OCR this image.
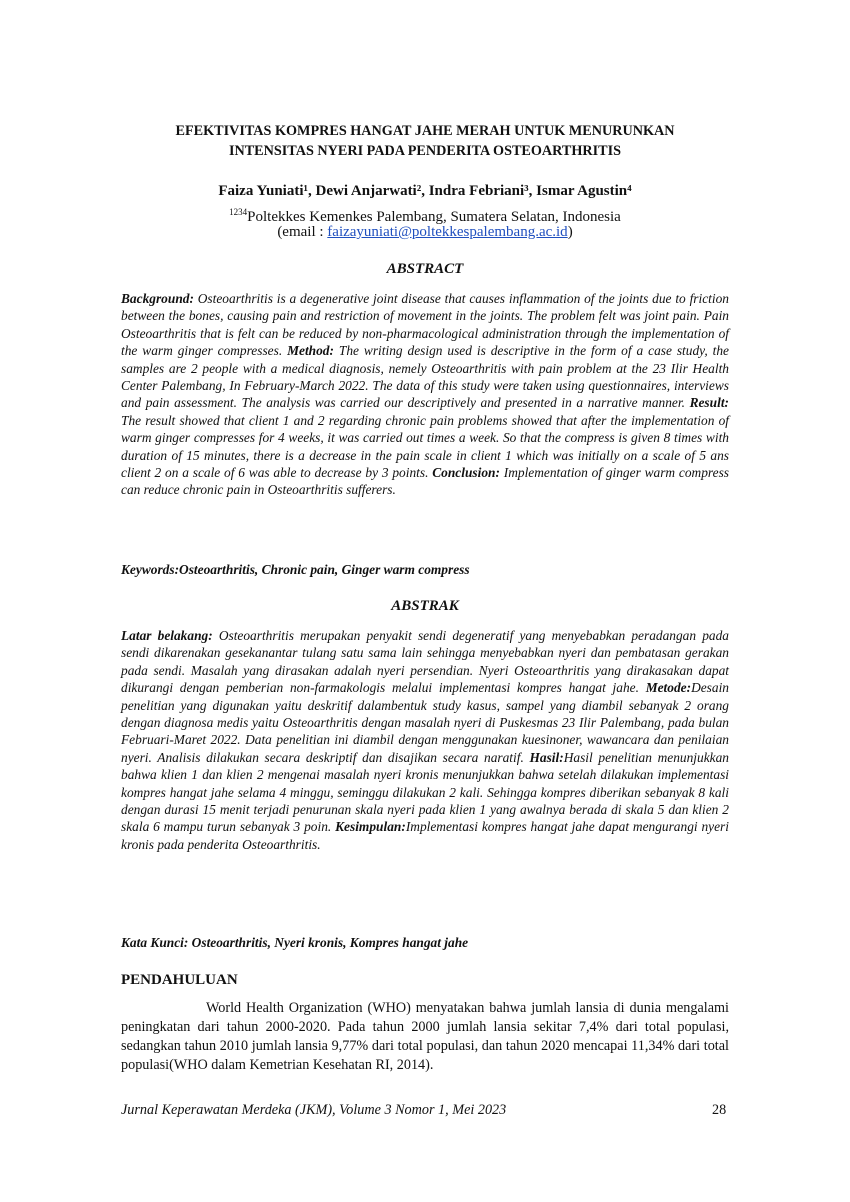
EFEKTIVITAS KOMPRES HANGAT JAHE MERAH UNTUK MENURUNKAN
INTENSITAS NYERI PADA PENDERITA OSTEOARTHRITIS
Faiza Yuniati¹, Dewi Anjarwati², Indra Febriani³, Ismar Agustin⁴
$^{1234}$Poltekkes Kemenkes Palembang, Sumatera Selatan, Indonesia
(email : faizayuniati@poltekkespalembang.ac.id)
ABSTRACT
Background: Osteoarthritis is a degenerative joint disease that causes inflammation of the joints due to friction between the bones, causing pain and restriction of movement in the joints. The problem felt was joint pain. Pain Osteoarthritis that is felt can be reduced by non-pharmacological administration through the implementation of the warm ginger compresses. Method: The writing design used is descriptive in the form of a case study, the samples are 2 people with a medical diagnosis, nemely Osteoarthritis with pain problem at the 23 Ilir Health Center Palembang, In February-March 2022. The data of this study were taken using questionnaires, interviews and pain assessment. The analysis was carried our descriptively and presented in a narrative manner. Result: The result showed that client 1 and 2 regarding chronic pain problems showed that after the implementation of warm ginger compresses for 4 weeks, it was carried out times a week. So that the compress is given 8 times with duration of 15 minutes, there is a decrease in the pain scale in client 1 which was initially on a scale of 5 ans client 2 on a scale of 6 was able to decrease by 3 points. Conclusion: Implementation of ginger warm compress can reduce chronic pain in Osteoarthritis sufferers.
Keywords:Osteoarthritis, Chronic pain, Ginger warm compress
ABSTRAK
Latar belakang: Osteoarthritis merupakan penyakit sendi degeneratif yang menyebabkan peradangan pada sendi dikarenakan gesekanantar tulang satu sama lain sehingga menyebabkan nyeri dan pembatasan gerakan pada sendi. Masalah yang dirasakan adalah nyeri persendian. Nyeri Osteoarthritis yang dirakasakan dapat dikurangi dengan pemberian non-farmakologis melalui implementasi kompres hangat jahe. Metode:Desain penelitian yang digunakan yaitu deskritif dalambentuk study kasus, sampel yang diambil sebanyak 2 orang dengan diagnosa medis yaitu Osteoarthritis dengan masalah nyeri di Puskesmas 23 Ilir Palembang, pada bulan Februari-Maret 2022. Data penelitian ini diambil dengan menggunakan kuesinoner, wawancara dan penilaian nyeri. Analisis dilakukan secara deskriptif dan disajikan secara naratif. Hasil:Hasil penelitian menunjukkan bahwa klien 1 dan klien 2 mengenai masalah nyeri kronis menunjukkan bahwa setelah dilakukan implementasi kompres hangat jahe selama 4 minggu, seminggu dilakukan 2 kali. Sehingga kompres diberikan sebanyak 8 kali dengan durasi 15 menit terjadi penurunan skala nyeri pada klien 1 yang awalnya berada di skala 5 dan klien 2 skala 6 mampu turun sebanyak 3 poin. Kesimpulan:Implementasi kompres hangat jahe dapat mengurangi nyeri kronis pada penderita Osteoarthritis.
Kata Kunci: Osteoarthritis, Nyeri kronis, Kompres hangat jahe
PENDAHULUAN
World Health Organization (WHO) menyatakan bahwa jumlah lansia di dunia mengalami peningkatan dari tahun 2000-2020. Pada tahun 2000 jumlah lansia sekitar 7,4% dari total populasi, sedangkan tahun 2010 jumlah lansia 9,77% dari total populasi, dan tahun 2020 mencapai 11,34% dari total populasi(WHO dalam Kemetrian Kesehatan RI, 2014).
Jurnal Keperawatan Merdeka (JKM), Volume 3 Nomor 1, Mei 2023	28
